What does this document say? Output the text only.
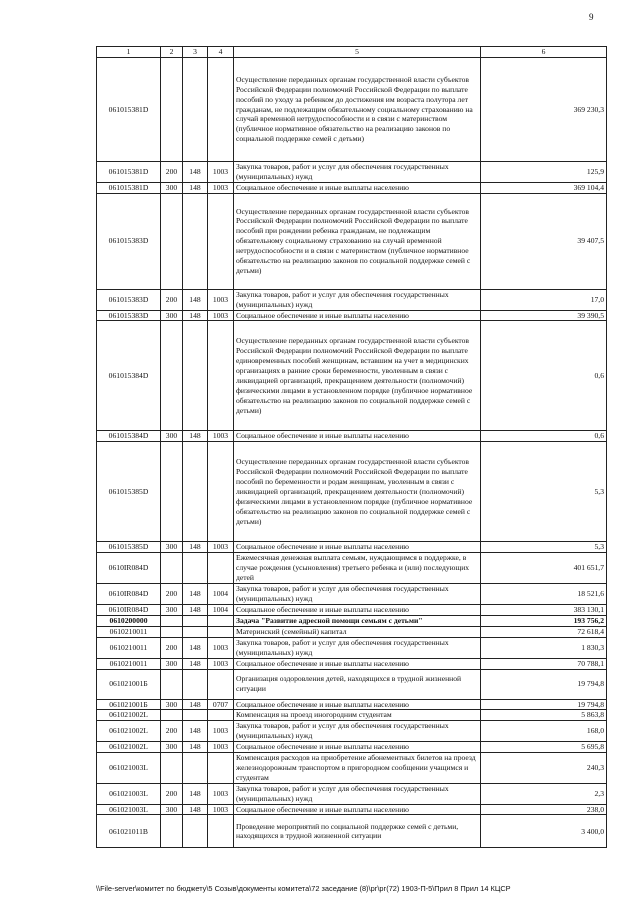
9
1	2	3	4	5	6
061015381D				Осуществление переданных органам государственной власти субъектов Российской Федерации полномочий Российской Федерации по выплате пособий по уходу за ребенком до достижения им возраста полутора лет гражданам, не подлежащим обязательному социальному страхованию на случай временной нетрудоспособности и в связи с материнством (публичное нормативное обязательство на реализацию законов по социальной поддержке семей с детьми)	369 230,3
061015381D	200	148	1003	Закупка товаров, работ и услуг для обеспечения государственных (муниципальных) нужд	125,9
061015381D	300	148	1003	Социальное обеспечение и иные выплаты населению	369 104,4
061015383D				Осуществление переданных органам государственной власти субъектов Российской Федерации полномочий Российской Федерации по выплате пособий при рождении ребенка гражданам, не подлежащим обязательному социальному страхованию на случай временной нетрудоспособности и в связи с материнством (публичное нормативное обязательство на реализацию законов по социальной поддержке семей с детьми)	39 407,5
061015383D	200	148	1003	Закупка товаров, работ и услуг для обеспечения государственных (муниципальных) нужд	17,0
061015383D	300	148	1003	Социальное обеспечение и иные выплаты населению	39 390,5
061015384D				Осуществление переданных органам государственной власти субъектов Российской Федерации полномочий Российской Федерации по выплате единовременных пособий женщинам, вставшим на учет в медицинских организациях в ранние сроки беременности, уволенным в связи с ликвидацией организаций, прекращением деятельности (полномочий) физическими лицами в установленном порядке (публичное нормативное обязательство на реализацию законов по социальной поддержке семей с детьми)	0,6
061015384D	300	148	1003	Социальное обеспечение и иные выплаты населению	0,6
061015385D				Осуществление переданных органам государственной власти субъектов Российской Федерации полномочий Российской Федерации по выплате пособий по беременности и родам женщинам, уволенным в связи с ликвидацией организаций, прекращением деятельности (полномочий) физическими лицами в установленном порядке (публичное нормативное обязательство на реализацию законов по социальной поддержке семей с детьми)	5,3
061015385D	300	148	1003	Социальное обеспечение и иные выплаты населению	5,3
0610IR084D				Ежемесячная денежная выплата семьям, нуждающимся в поддержке, в случае рождения (усыновления) третьего ребенка и (или) последующих детей	401 651,7
0610IR084D	200	148	1004	Закупка товаров, работ и услуг для обеспечения государственных (муниципальных) нужд	18 521,6
0610IR084D	300	148	1004	Социальное обеспечение и иные выплаты населению	383 130,1
0610200000				Задача "Развитие адресной помощи семьям с детьми"	193 756,2
0610210011				Материнский (семейный) капитал	72 618,4
0610210011	200	148	1003	Закупка товаров, работ и услуг для обеспечения государственных (муниципальных) нужд	1 830,3
0610210011	300	148	1003	Социальное обеспечение и иные выплаты населению	70 788,1
061021001Б				Организация оздоровления детей, находящихся в трудной жизненной ситуации	19 794,8
061021001Б	300	148	0707	Социальное обеспечение и иные выплаты населению	19 794,8
061021002L				Компенсация на проезд иногородним студентам	5 863,8
061021002L	200	148	1003	Закупка товаров, работ и услуг для обеспечения государственных (муниципальных) нужд	168,0
061021002L	300	148	1003	Социальное обеспечение и иные выплаты населению	5 695,8
061021003L				Компенсация расходов на приобретение абонементных билетов на проезд железнодорожным транспортом в пригородном сообщении учащимся и студентам	240,3
061021003L	200	148	1003	Закупка товаров, работ и услуг для обеспечения государственных (муниципальных) нужд	2,3
061021003L	300	148	1003	Социальное обеспечение и иные выплаты населению	238,0
061021011B				Проведение мероприятий по социальной поддержке семей с детьми, находящихся в трудной жизненной ситуации	3 400,0
\\File-server\комитет по бюджету\5 Созыв\документы комитета\72 заседание (8)\рг\рг(72) 1903-П-5\Прил 8 Прил 14 КЦСР
